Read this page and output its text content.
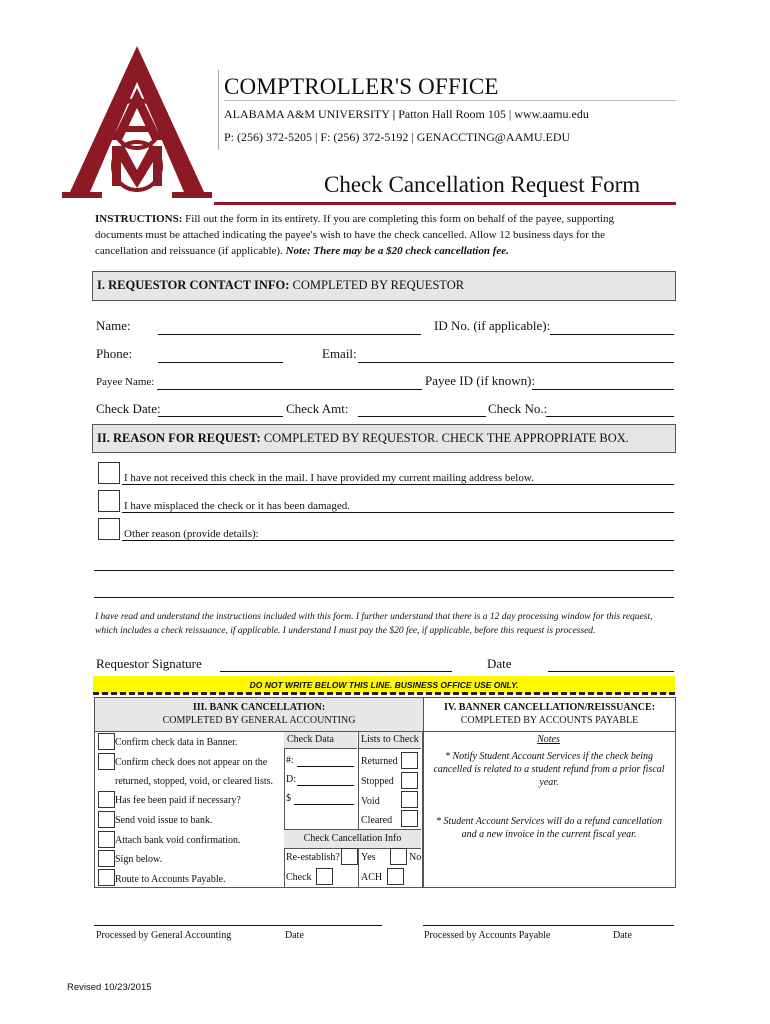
COMPTROLLER'S OFFICE
ALABAMA A&M UNIVERSITY | Patton Hall Room 105 | www.aamu.edu
P: (256) 372-5205 | F: (256) 372-5192 | GENACCTING@AAMU.EDU
Check Cancellation Request Form
INSTRUCTIONS: Fill out the form in its entirety. If you are completing this form on behalf of the payee, supporting documents must be attached indicating the payee's wish to have the check cancelled. Allow 12 business days for the cancellation and reissuance (if applicable). Note: There may be a $20 check cancellation fee.
I. REQUESTOR CONTACT INFO: COMPLETED BY REQUESTOR
Name:	ID No. (if applicable):
Phone:	Email:
Payee Name:	Payee ID (if known):
Check Date:	Check Amt:	Check No.:
II. REASON FOR REQUEST: COMPLETED BY REQUESTOR. CHECK THE APPROPRIATE BOX.
I have not received this check in the mail. I have provided my current mailing address below.
I have misplaced the check or it has been damaged.
Other reason (provide details):
I have read and understand the instructions included with this form. I further understand that there is a 12 day processing window for this request, which includes a check reissuance, if applicable. I understand I must pay the $20 fee, if applicable, before this request is processed.
Requestor Signature	Date
DO NOT WRITE BELOW THIS LINE. BUSINESS OFFICE USE ONLY.
III. BANK CANCELLATION:
COMPLETED BY GENERAL ACCOUNTING
IV. BANNER CANCELLATION/REISSUANCE:
COMPLETED BY ACCOUNTS PAYABLE
Confirm check data in Banner.
Confirm check does not appear on the
returned, stopped, void, or cleared lists.
Has fee been paid if necessary?
Send void issue to bank.
Attach bank void confirmation.
Sign below.
Route to Accounts Payable.
Check Data	Lists to Check
#:
D:
$
Returned
Stopped
Void
Cleared
Check Cancellation Info
Re-establish? Yes	No
Check	ACH
Notes
* Notify Student Account Services if the check being cancelled is related to a student refund from a prior fiscal year.
* Student Account Services will do a refund cancellation and a new invoice in the current fiscal year.
Processed by General Accounting	Date	Processed by Accounts Payable	Date
Revised 10/23/2015
